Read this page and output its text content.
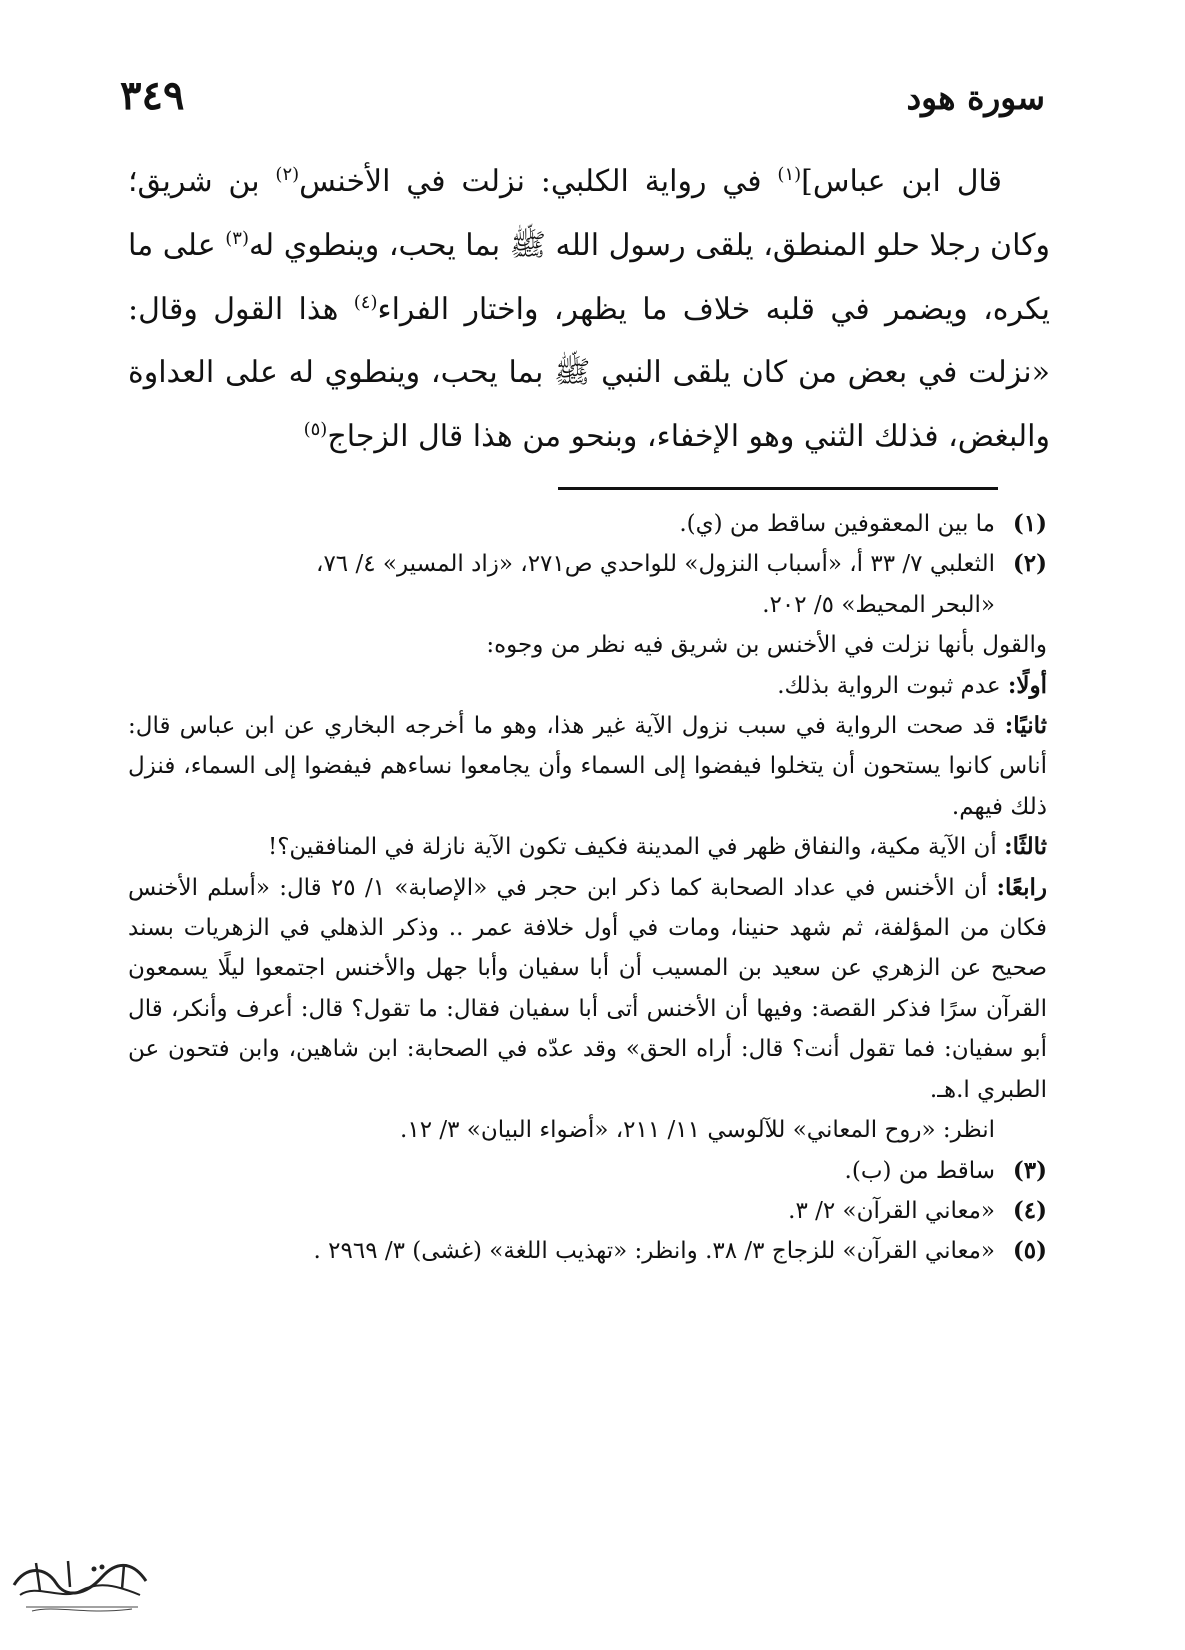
سورة هود
٣٤٩

قال ابن عباس]$^{(١)}$ في رواية الكلبي: نزلت في الأخنس$^{(٢)}$ بن شريق؛ وكان رجلا حلو المنطق، يلقى رسول الله ﷺ بما يحب، وينطوي له$^{(٣)}$ على ما يكره، ويضمر في قلبه خلاف ما يظهر، واختار الفراء$^{(٤)}$ هذا القول وقال: «نزلت في بعض من كان يلقى النبي ﷺ بما يحب، وينطوي له على العداوة والبغض، فذلك الثني وهو الإخفاء، وبنحو من هذا قال الزجاج$^{(٥)}$

(١)
ما بين المعقوفين ساقط من (ي).
(٢)
الثعلبي ٧/ ٣٣ أ، «أسباب النزول» للواحدي ص٢٧١، «زاد المسير» ٤/ ٧٦،
«البحر المحيط» ٥/ ٢٠٢.
والقول بأنها نزلت في الأخنس بن شريق فيه نظر من وجوه:
أولًا: عدم ثبوت الرواية بذلك.
ثانيًا: قد صحت الرواية في سبب نزول الآية غير هذا، وهو ما أخرجه البخاري عن ابن عباس قال: أناس كانوا يستحون أن يتخلوا فيفضوا إلى السماء وأن يجامعوا نساءهم فيفضوا إلى السماء، فنزل ذلك فيهم.
ثالثًا: أن الآية مكية، والنفاق ظهر في المدينة فكيف تكون الآية نازلة في المنافقين؟!
رابعًا: أن الأخنس في عداد الصحابة كما ذكر ابن حجر في «الإصابة» ١/ ٢٥ قال: «أسلم الأخنس فكان من المؤلفة، ثم شهد حنينا، ومات في أول خلافة عمر .. وذكر الذهلي في الزهريات بسند صحيح عن الزهري عن سعيد بن المسيب أن أبا سفيان وأبا جهل والأخنس اجتمعوا ليلًا يسمعون القرآن سرًا فذكر القصة: وفيها أن الأخنس أتى أبا سفيان فقال: ما تقول؟ قال: أعرف وأنكر، قال أبو سفيان: فما تقول أنت؟ قال: أراه الحق» وقد عدّه في الصحابة: ابن شاهين، وابن فتحون عن الطبري ا.هـ.
انظر: «روح المعاني» للآلوسي ١١/ ٢١١، «أضواء البيان» ٣/ ١٢.
(٣)
ساقط من (ب).
(٤)
«معاني القرآن» ٢/ ٣.
(٥)
«معاني القرآن» للزجاج ٣/ ٣٨. وانظر: «تهذيب اللغة» (غشى) ٣/ ٢٩٦٩ .
